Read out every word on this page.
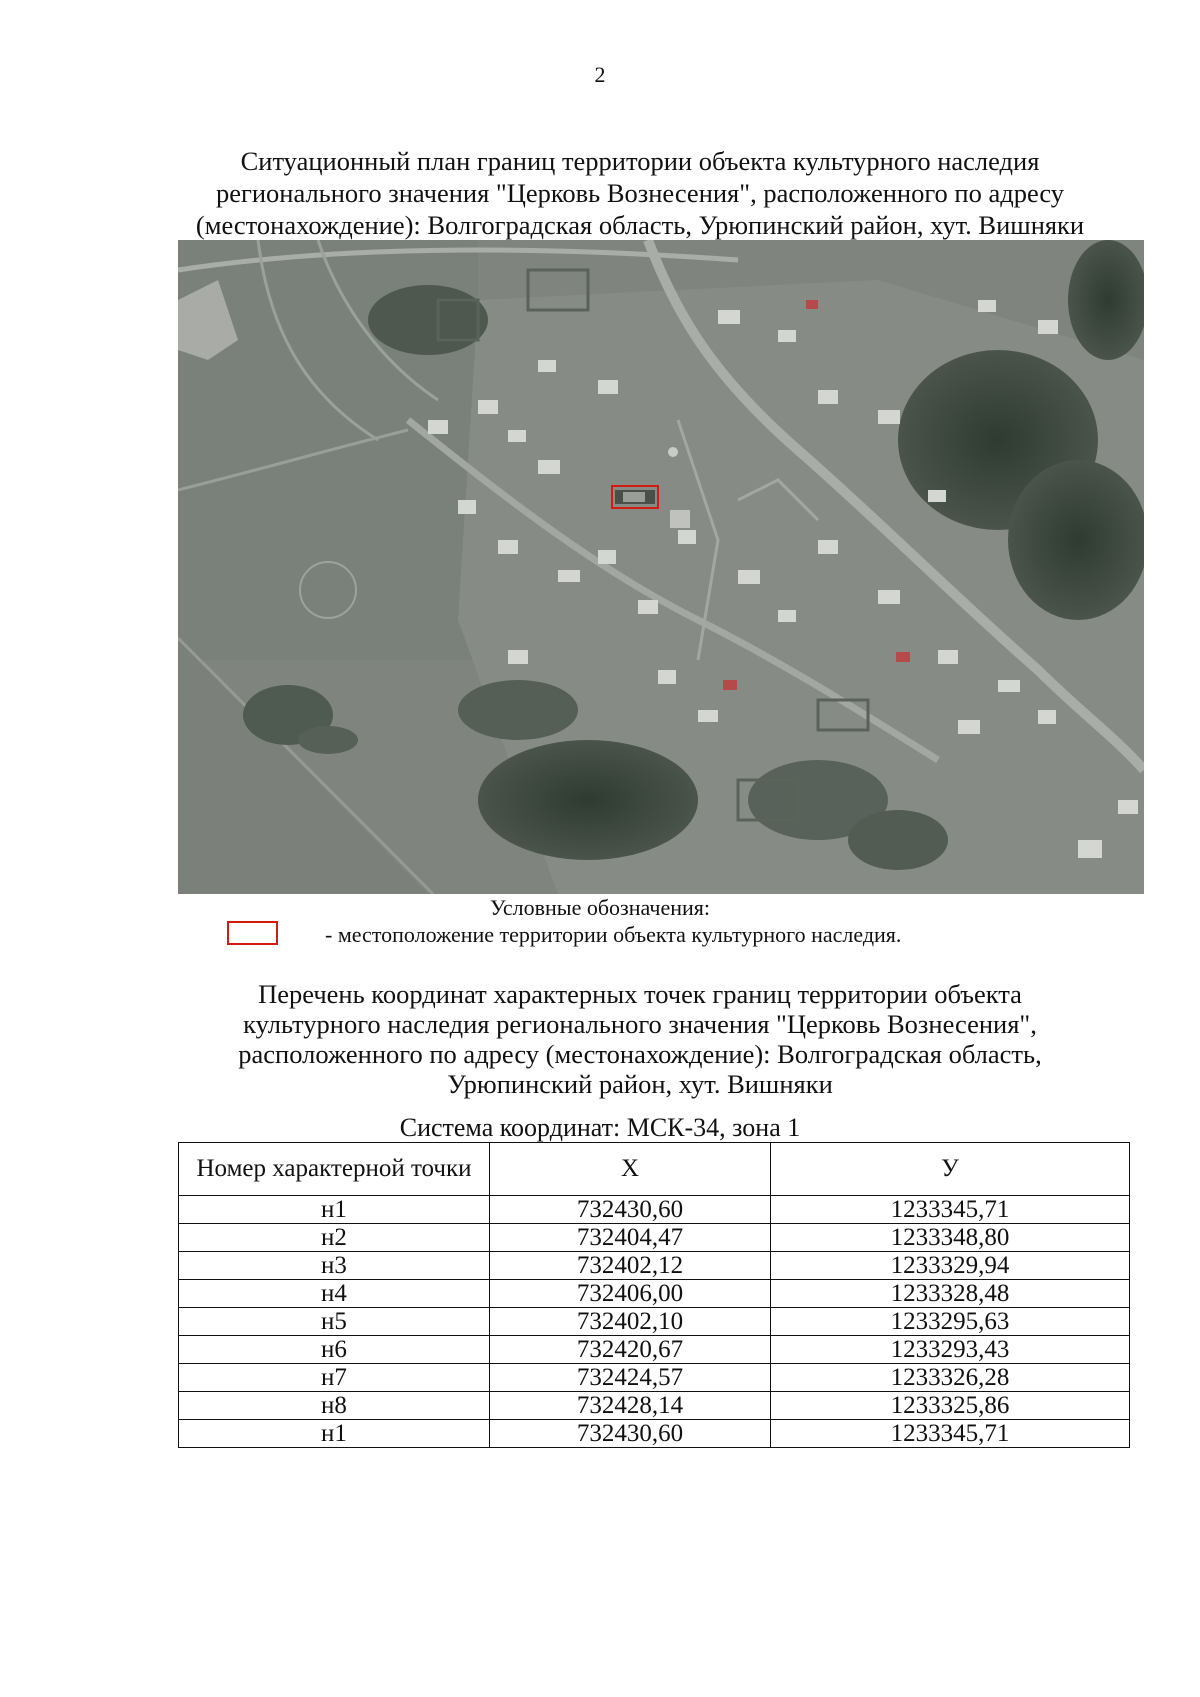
2
Ситуационный план границ территории объекта культурного наследия
регионального значения "Церковь Вознесения", расположенного по адресу
(местонахождение): Волгоградская область, Урюпинский район, хут. Вишняки
Условные обозначения:
- местоположение территории объекта культурного наследия.
Перечень координат характерных точек границ территории объекта
культурного наследия регионального значения "Церковь Вознесения",
расположенного по адресу (местонахождение): Волгоградская область,
Урюпинский район, хут. Вишняки
Система координат: МСК-34, зона 1
Номер характерной точки	X	У
н1	732430,60	1233345,71
н2	732404,47	1233348,80
н3	732402,12	1233329,94
н4	732406,00	1233328,48
н5	732402,10	1233295,63
н6	732420,67	1233293,43
н7	732424,57	1233326,28
н8	732428,14	1233325,86
н1	732430,60	1233345,71
